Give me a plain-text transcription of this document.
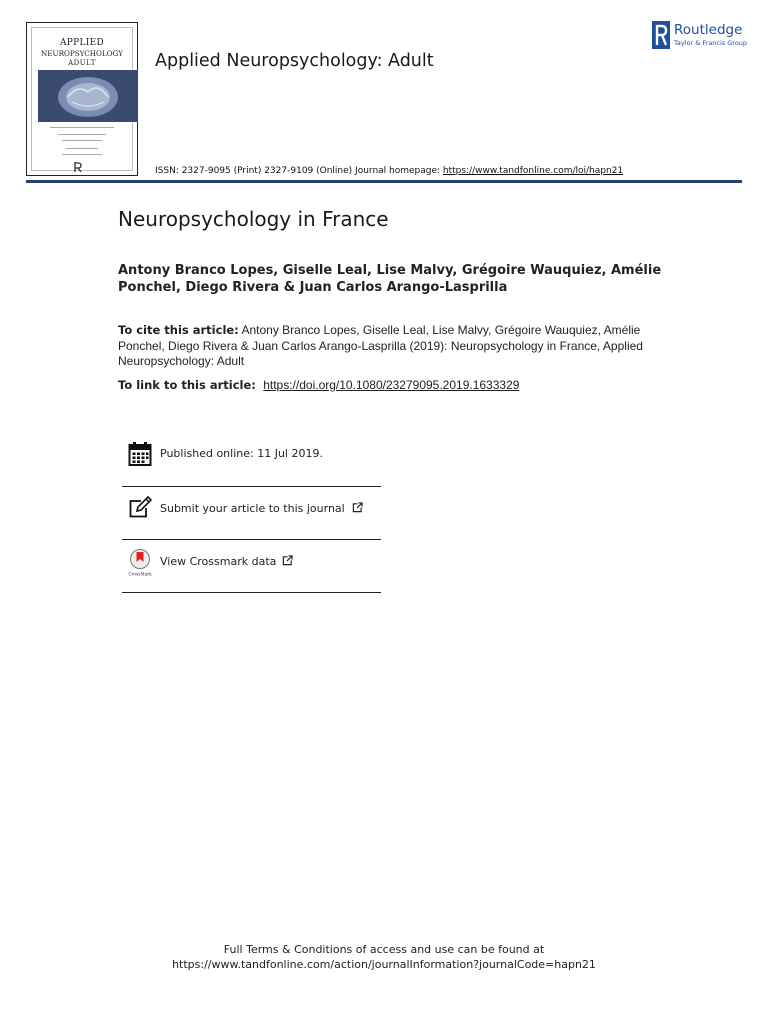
APPLIED
NEUROPSYCHOLOGY
ADULT	Applied Neuropsychology: Adult
Routledge
Taylor & Francis Group
ISSN: 2327-9095 (Print) 2327-9109 (Online) Journal homepage: https://www.tandfonline.com/loi/hapn21
Neuropsychology in France
Antony Branco Lopes, Giselle Leal, Lise Malvy, Grégoire Wauquiez, Amélie Ponchel, Diego Rivera & Juan Carlos Arango-Lasprilla
To cite this article: Antony Branco Lopes, Giselle Leal, Lise Malvy, Grégoire Wauquiez, Amélie Ponchel, Diego Rivera & Juan Carlos Arango-Lasprilla (2019): Neuropsychology in France, Applied Neuropsychology: Adult
To link to this article: https://doi.org/10.1080/23279095.2019.1633329
Published online: 11 Jul 2019.
Submit your article to this journal
CrossMark
View Crossmark data
Full Terms & Conditions of access and use can be found at
https://www.tandfonline.com/action/journalInformation?journalCode=hapn21
